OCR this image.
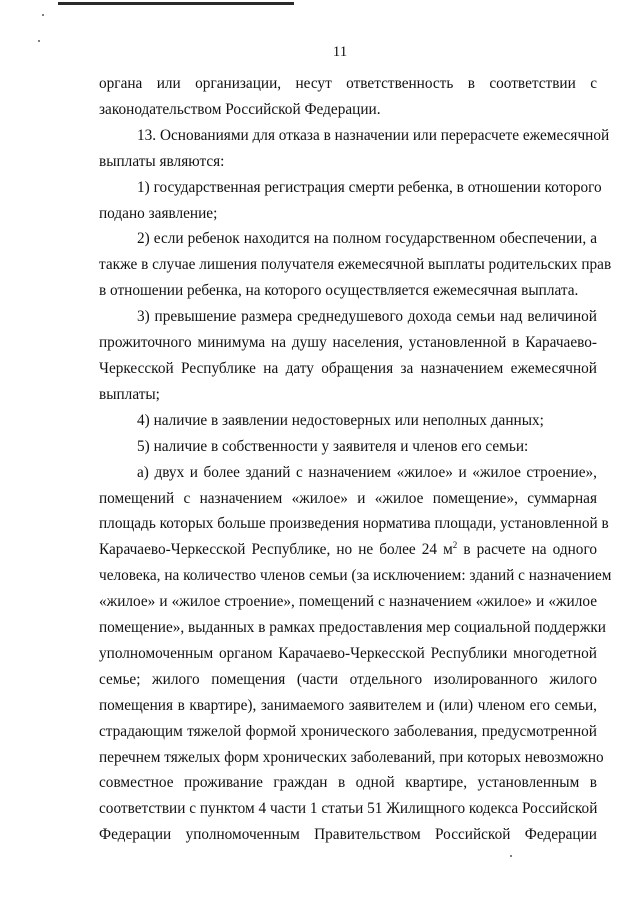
11
органа или организации, несут ответственность в соответствии с
законодательством Российской Федерации.
13. Основаниями для отказа в назначении или перерасчете ежемесячной
выплаты являются:
1) государственная регистрация смерти ребенка, в отношении которого
подано заявление;
2) если ребенок находится на полном государственном обеспечении, а
также в случае лишения получателя ежемесячной выплаты родительских прав
в отношении ребенка, на которого осуществляется ежемесячная выплата.
3) превышение размера среднедушевого дохода семьи над величиной
прожиточного минимума на душу населения, установленной в Карачаево-
Черкесской Республике на дату обращения за назначением ежемесячной
выплаты;
4) наличие в заявлении недостоверных или неполных данных;
5) наличие в собственности у заявителя и членов его семьи:
а) двух и более зданий с назначением «жилое» и «жилое строение»,
помещений с назначением «жилое» и «жилое помещение», суммарная
площадь которых больше произведения норматива площади, установленной в
Карачаево-Черкесской Республике, но не более 24 $м^2$ в расчете на одного
человека, на количество членов семьи (за исключением: зданий с назначением
«жилое» и «жилое строение», помещений с назначением «жилое» и «жилое
помещение», выданных в рамках предоставления мер социальной поддержки
уполномоченным органом Карачаево-Черкесской Республики многодетной
семье; жилого помещения (части отдельного изолированного жилого
помещения в квартире), занимаемого заявителем и (или) членом его семьи,
страдающим тяжелой формой хронического заболевания, предусмотренной
перечнем тяжелых форм хронических заболеваний, при которых невозможно
совместное проживание граждан в одной квартире, установленным в
соответствии с пунктом 4 части 1 статьи 51 Жилищного кодекса Российской
Федерации уполномоченным Правительством Российской Федерации
